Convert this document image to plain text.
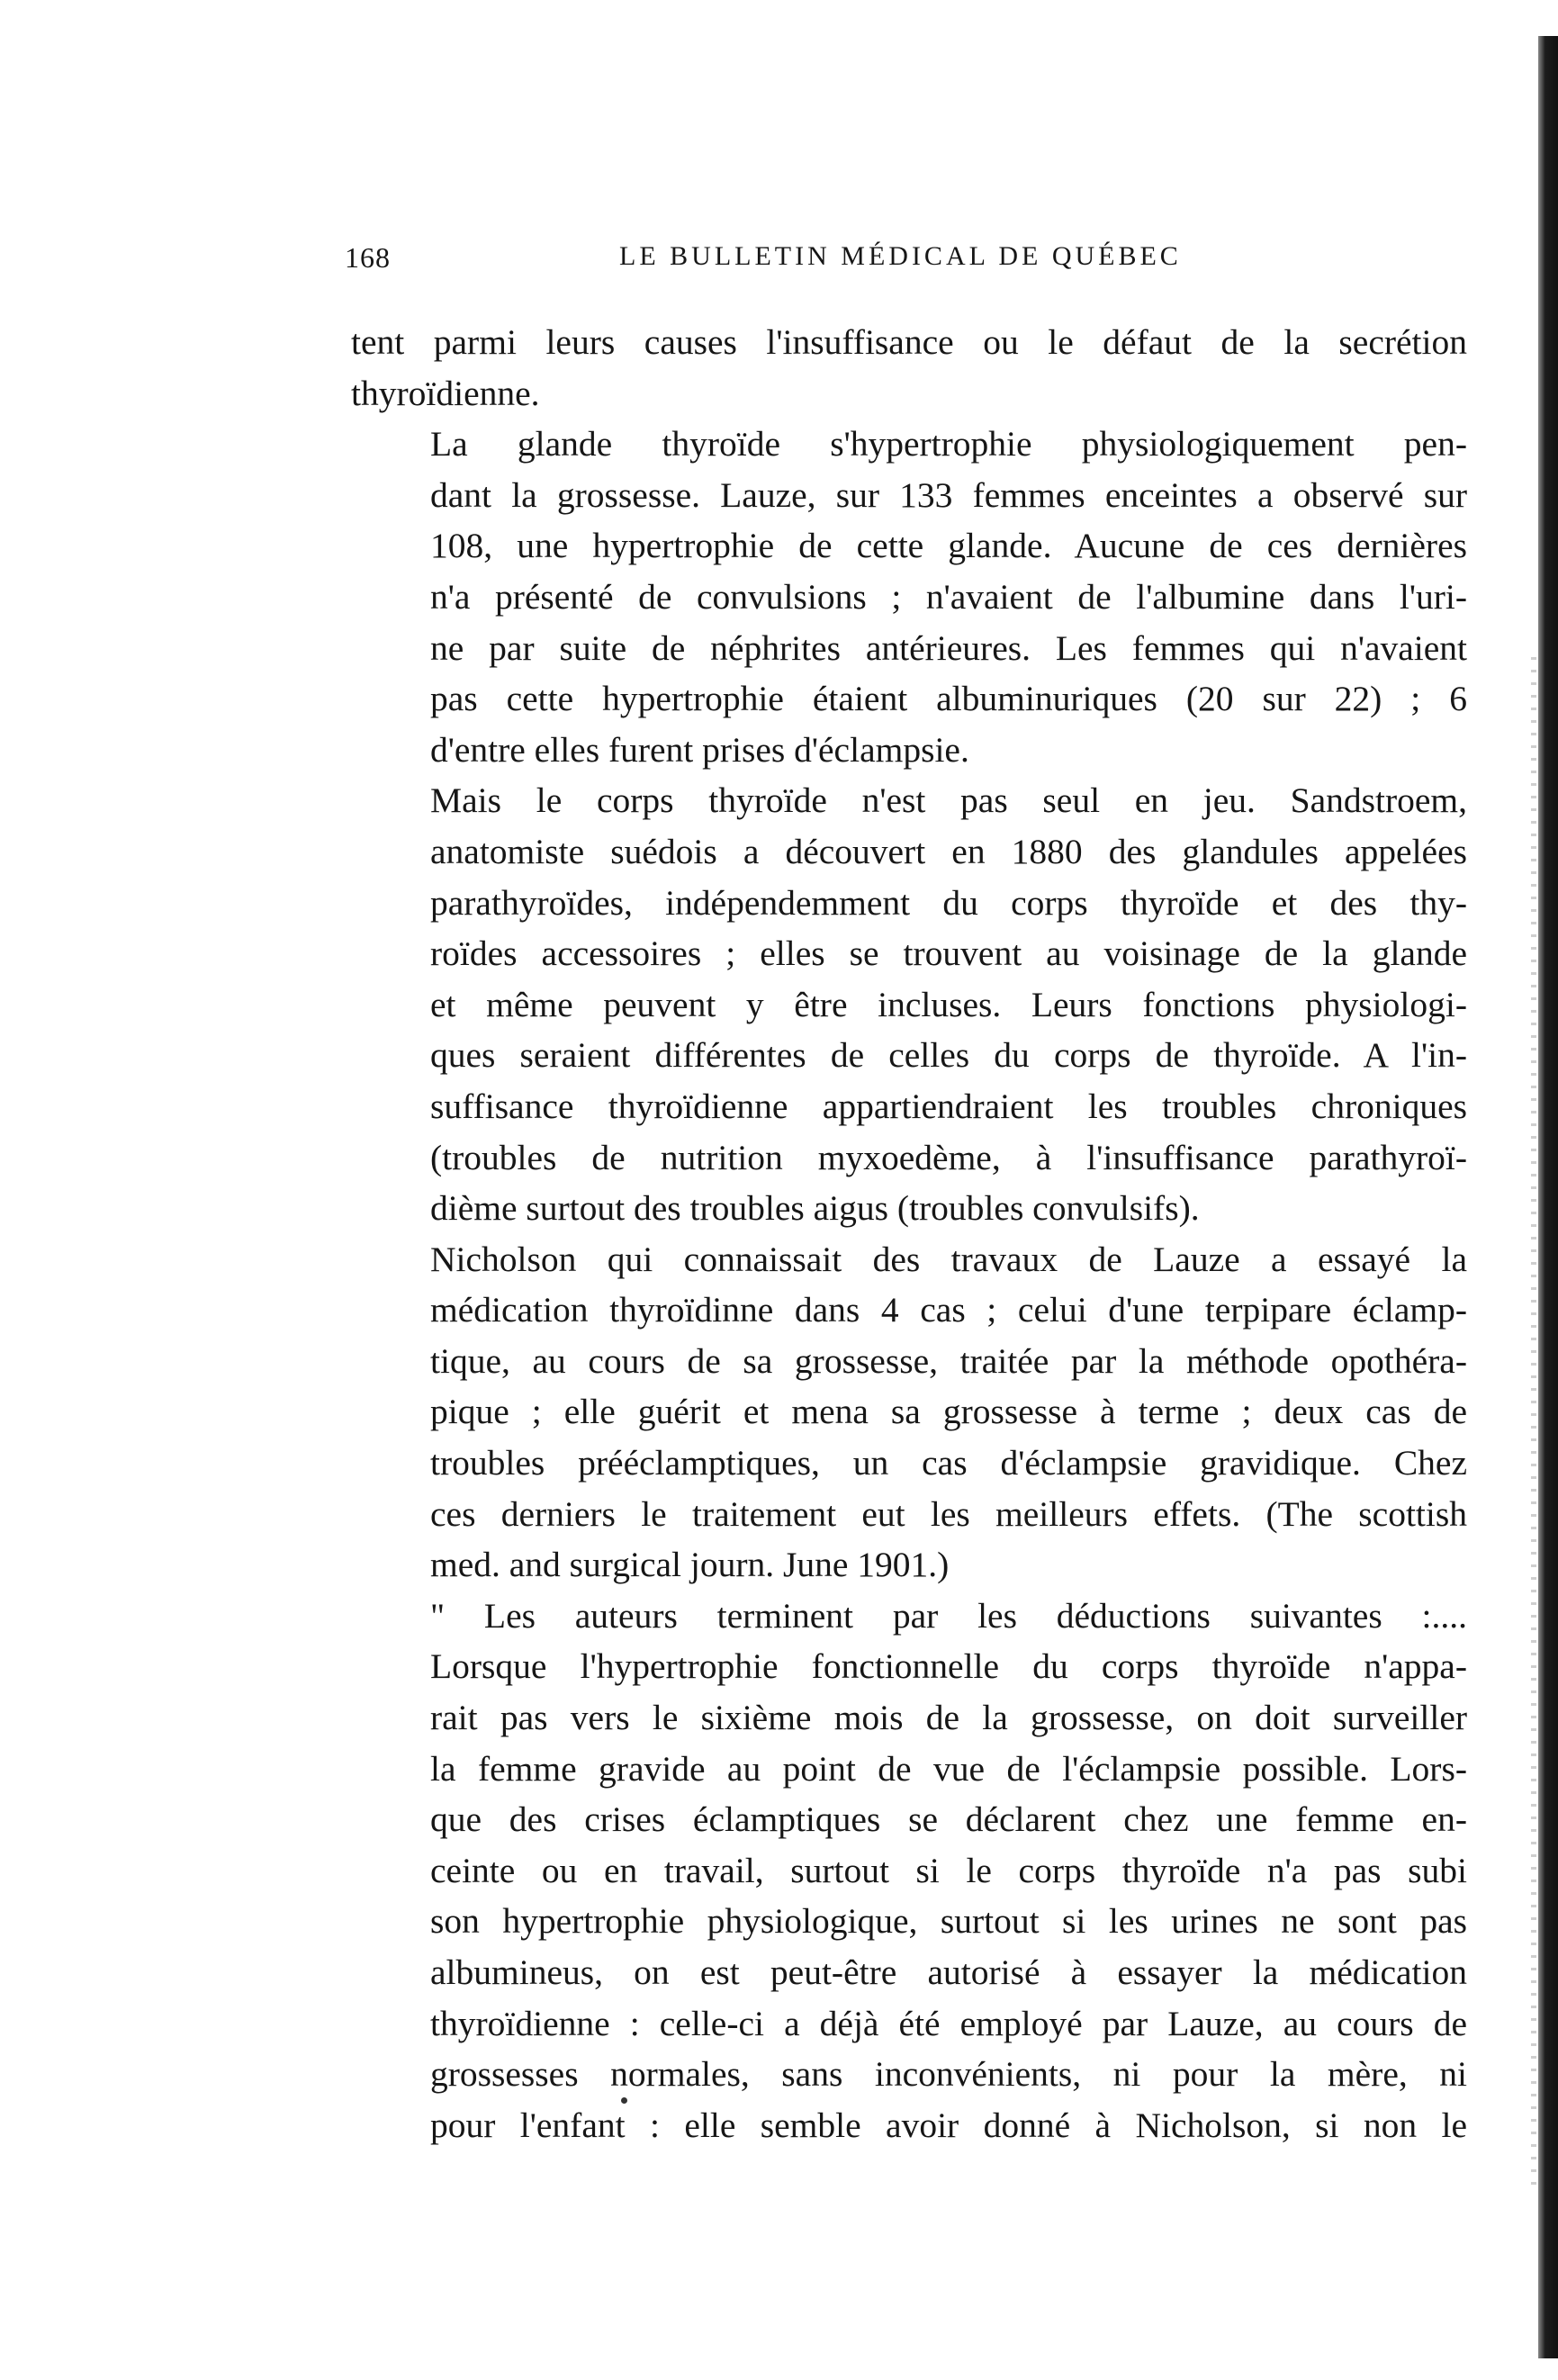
168	LE BULLETIN MÉDICAL DE QUÉBEC

tent parmi leurs causes l'insuffisance ou le défaut de la secrétion
thyroïdienne.

La glande thyroïde s'hypertrophie physiologiquement pen-
dant la grossesse. Lauze, sur 133 femmes enceintes a observé sur
108, une hypertrophie de cette glande. Aucune de ces dernières
n'a présenté de convulsions ; n'avaient de l'albumine dans l'uri-
ne par suite de néphrites antérieures. Les femmes qui n'avaient
pas cette hypertrophie étaient albuminuriques (20 sur 22) ; 6
d'entre elles furent prises d'éclampsie.

Mais le corps thyroïde n'est pas seul en jeu. Sandstroem,
anatomiste suédois a découvert en 1880 des glandules appelées
parathyroïdes, indépendemment du corps thyroïde et des thy-
roïdes accessoires ; elles se trouvent au voisinage de la glande
et même peuvent y être incluses. Leurs fonctions physiologi-
ques seraient différentes de celles du corps de thyroïde. A l'in-
suffisance thyroïdienne appartiendraient les troubles chroniques
(troubles de nutrition myxoedème, à l'insuffisance parathyroï-
dième surtout des troubles aigus (troubles convulsifs).

Nicholson qui connaissait des travaux de Lauze a essayé la
médication thyroïdinne dans 4 cas ; celui d'une terpipare éclamp-
tique, au cours de sa grossesse, traitée par la méthode opothéra-
pique ; elle guérit et mena sa grossesse à terme ; deux cas de
troubles prééclamptiques, un cas d'éclampsie gravidique. Chez
ces derniers le traitement eut les meilleurs effets. (The scottish
med. and surgical journ. June 1901.)

" Les auteurs terminent par les déductions suivantes :....
Lorsque l'hypertrophie fonctionnelle du corps thyroïde n'appa-
rait pas vers le sixième mois de la grossesse, on doit surveiller
la femme gravide au point de vue de l'éclampsie possible. Lors-
que des crises éclamptiques se déclarent chez une femme en-
ceinte ou en travail, surtout si le corps thyroïde n'a pas subi
son hypertrophie physiologique, surtout si les urines ne sont pas
albumineus, on est peut-être autorisé à essayer la médication
thyroïdienne : celle-ci a déjà été employé par Lauze, au cours de
grossesses normales, sans inconvénients, ni pour la mère, ni
pour l'enfant : elle semble avoir donné à Nicholson, si non le
